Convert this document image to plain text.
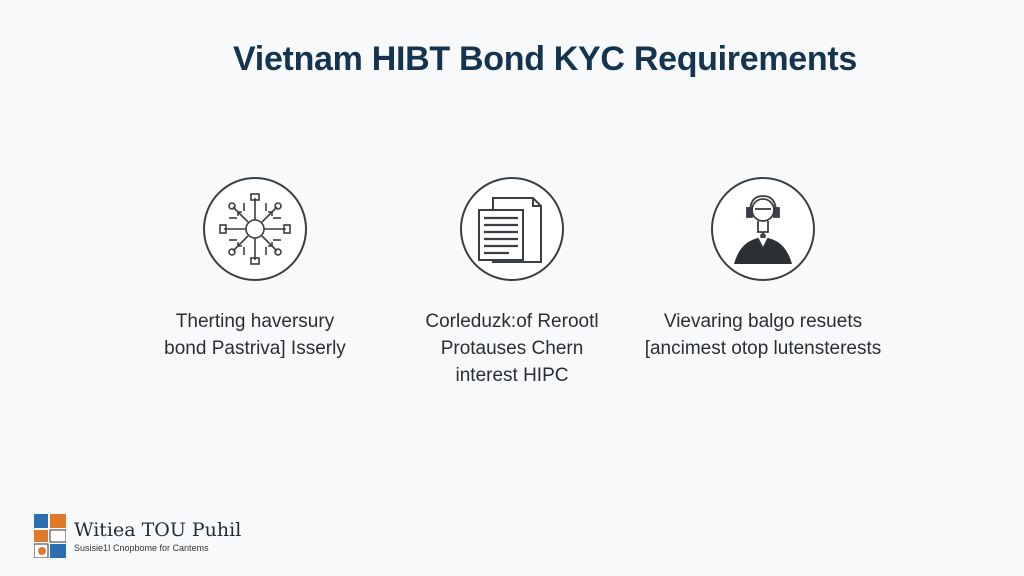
Vietnam HIBT Bond KYC Requirements
Therting haversury
bond Pastriva] Isserly
Corleduzk:of Rerootl
Protauses Chern
interest HIPC
Vievaring balgo resuets
[ancimest otop lutensterests
Witiea TOU Puhil
Susisie1I Cnopbome for Cantems
